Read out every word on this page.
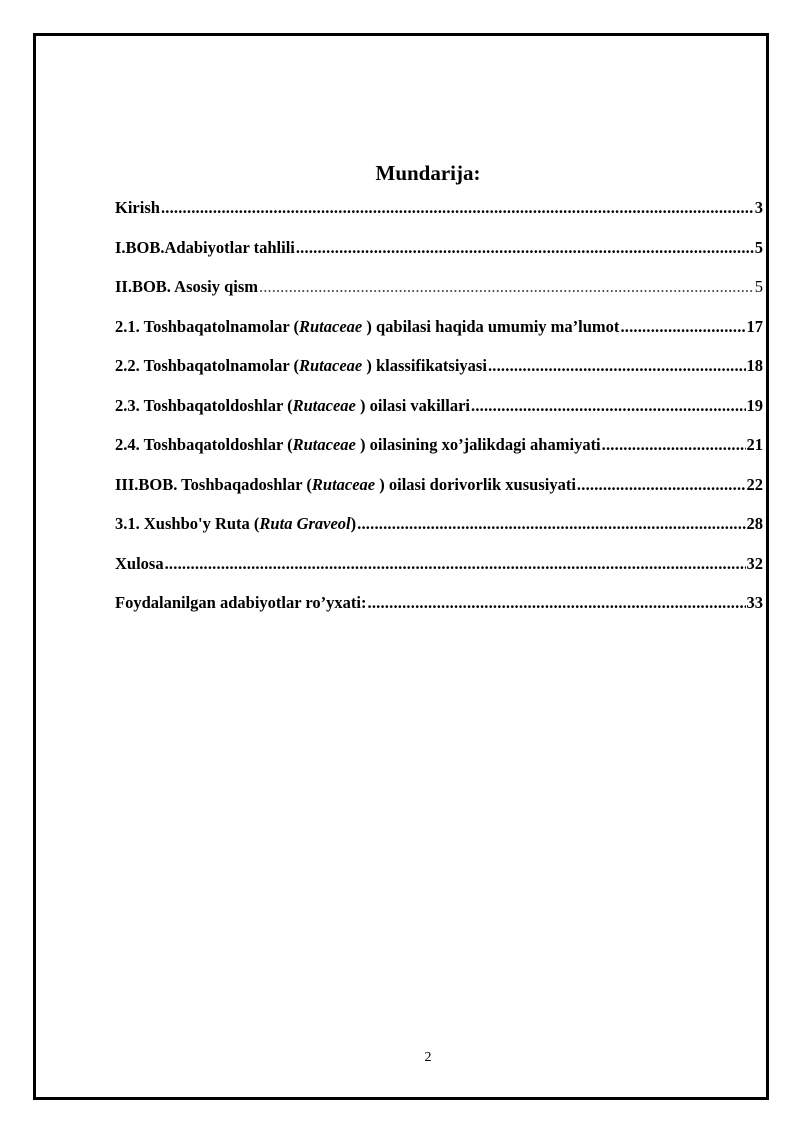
Mundarija:
Kirish .....	3
I.BOB.Adabiyotlar tahlili .....	5
II.BOB. Asosiy qism .....	5
2.1. Toshbaqatolnamolar (Rutaceae ) qabilasi haqida umumiy ma’lumot .....	17
2.2. Toshbaqatolnamolar (Rutaceae ) klassifikatsiyasi .....	18
2.3. Toshbaqatoldoshlar (Rutaceae ) oilasi vakillari .....	19
2.4. Toshbaqatoldoshlar (Rutaceae ) oilasining xo’jalikdagi ahamiyati .....	21
III.BOB. Toshbaqadoshlar (Rutaceae ) oilasi dorivorlik xususiyati .....	22
3.1. Xushbo'y Ruta (Ruta Graveol) .....	28
Xulosa .....	32
Foydalanilgan adabiyotlar ro’yxati: .....	33
2
